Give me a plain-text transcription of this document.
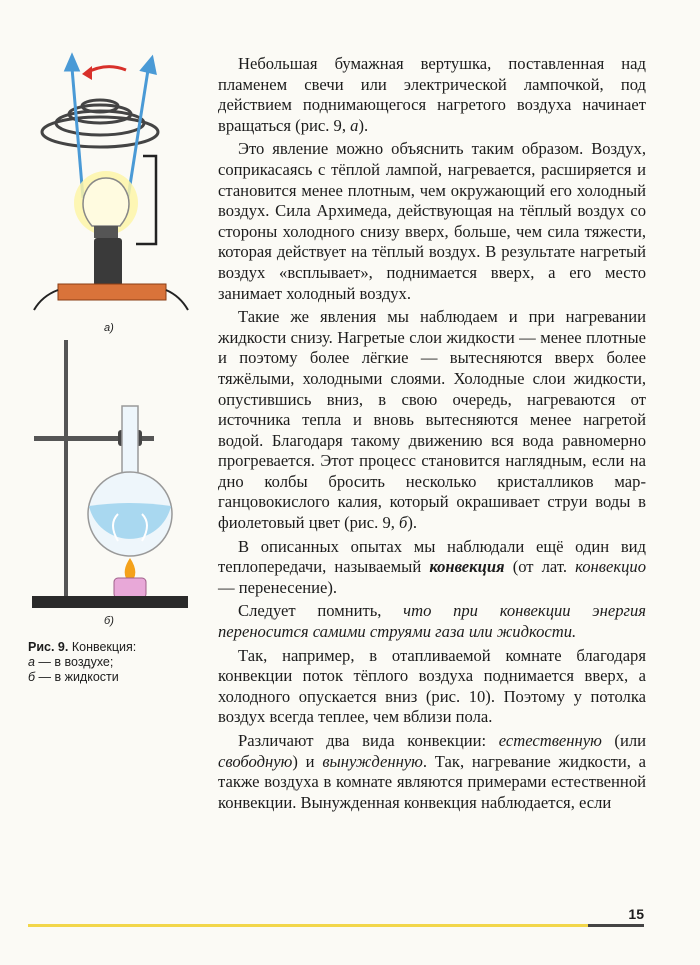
а)
б)
Рис. 9. Конвекция:
а — в воздухе;
б — в жидкости

Небольшая бумажная вертушка, поставленная над пламенем свечи или электрической лампочкой, под действием поднимающегося нагретого воздуха начинает вращаться (рис. 9, а).

Это явление можно объяснить таким образом. Воздух, соприкасаясь с тёплой лампой, нагревается, расширяется и становится менее плотным, чем окружающий его холодный воздух. Сила Архимеда, действующая на тёплый воздух со стороны холодного снизу вверх, больше, чем сила тяжести, которая действует на тёплый воздух. В результате нагретый воздух «всплывает», поднимается вверх, а его место занимает холодный воздух.

Такие же явления мы наблюдаем и при нагревании жидкости снизу. Нагретые слои жидкости — менее плотные и поэтому более лёгкие — вытесняются вверх более тяжёлыми, холодными слоями. Холодные слои жидкости, опустившись вниз, в свою очередь, нагреваются от источника тепла и вновь вытесняются менее нагретой водой. Благодаря такому движению вся вода равномерно прогревается. Этот процесс становится наглядным, если на дно колбы бросить несколько кристалликов марганцовокислого калия, который окрашивает струи воды в фиолетовый цвет (рис. 9, б).

В описанных опытах мы наблюдали ещё один вид теплопередачи, называемый конвекция (от лат. конвекцио — перенесение).

Следует помнить, что при конвекции энергия переносится самими струями газа или жидкости.

Так, например, в отапливаемой комнате благодаря конвекции поток тёплого воздуха поднимается вверх, а холодного опускается вниз (рис. 10). Поэтому у потолка воздух всегда теплее, чем вблизи пола.

Различают два вида конвекции: естественную (или свободную) и вынужденную. Так, нагревание жидкости, а также воздуха в комнате являются примерами естественной конвекции. Вынужденная конвекция наблюдается, если

15
